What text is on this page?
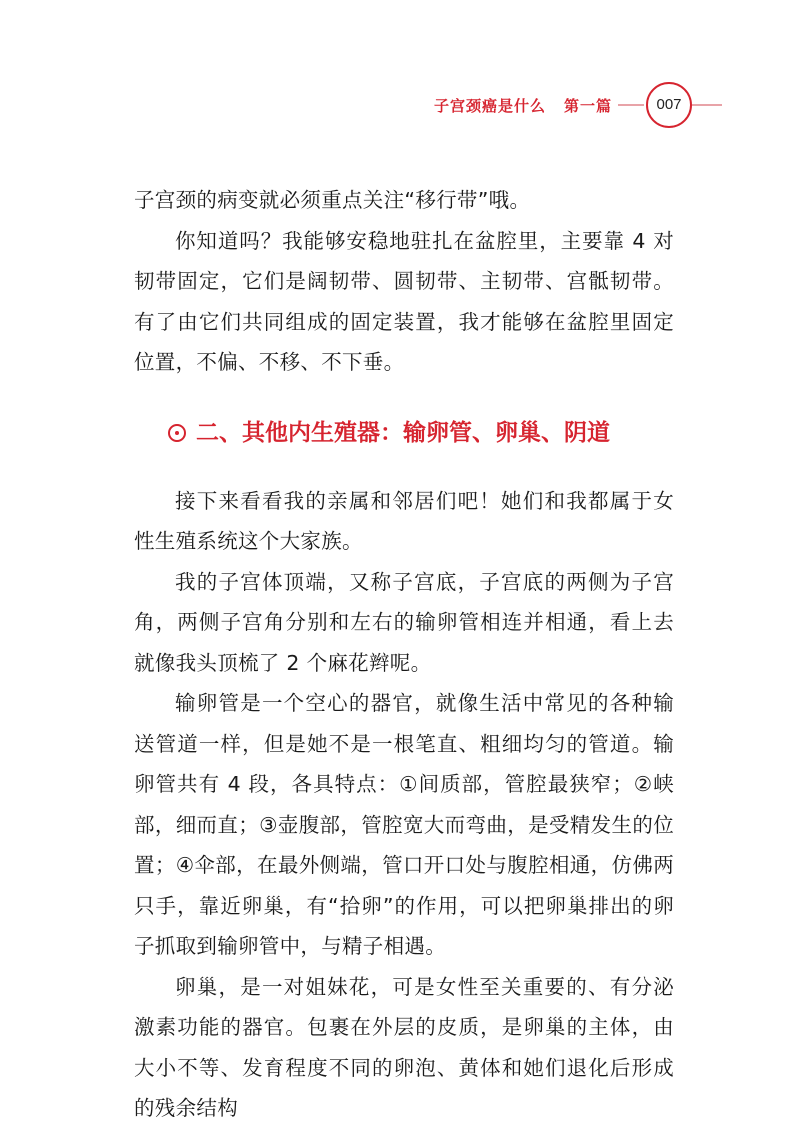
子宫颈癌是什么 第一篇	007

子宫颈的病变就必须重点关注“移行带”哦。

你知道吗？我能够安稳地驻扎在盆腔里，主要靠 4 对韧带固定，它们是阔韧带、圆韧带、主韧带、宫骶韧带。有了由它们共同组成的固定装置，我才能够在盆腔里固定位置，不偏、不移、不下垂。

二、其他内生殖器：输卵管、卵巢、阴道

接下来看看我的亲属和邻居们吧！她们和我都属于女性生殖系统这个大家族。

我的子宫体顶端，又称子宫底，子宫底的两侧为子宫角，两侧子宫角分别和左右的输卵管相连并相通，看上去就像我头顶梳了 2 个麻花辫呢。

输卵管是一个空心的器官，就像生活中常见的各种输送管道一样，但是她不是一根笔直、粗细均匀的管道。输卵管共有 4 段，各具特点：①间质部，管腔最狭窄；②峡部，细而直；③壶腹部，管腔宽大而弯曲，是受精发生的位置；④伞部，在最外侧端，管口开口处与腹腔相通，仿佛两只手，靠近卵巢，有“拾卵”的作用，可以把卵巢排出的卵子抓取到输卵管中，与精子相遇。

卵巢，是一对姐妹花，可是女性至关重要的、有分泌激素功能的器官。包裹在外层的皮质，是卵巢的主体，由大小不等、发育程度不同的卵泡、黄体和她们退化后形成的残余结构
